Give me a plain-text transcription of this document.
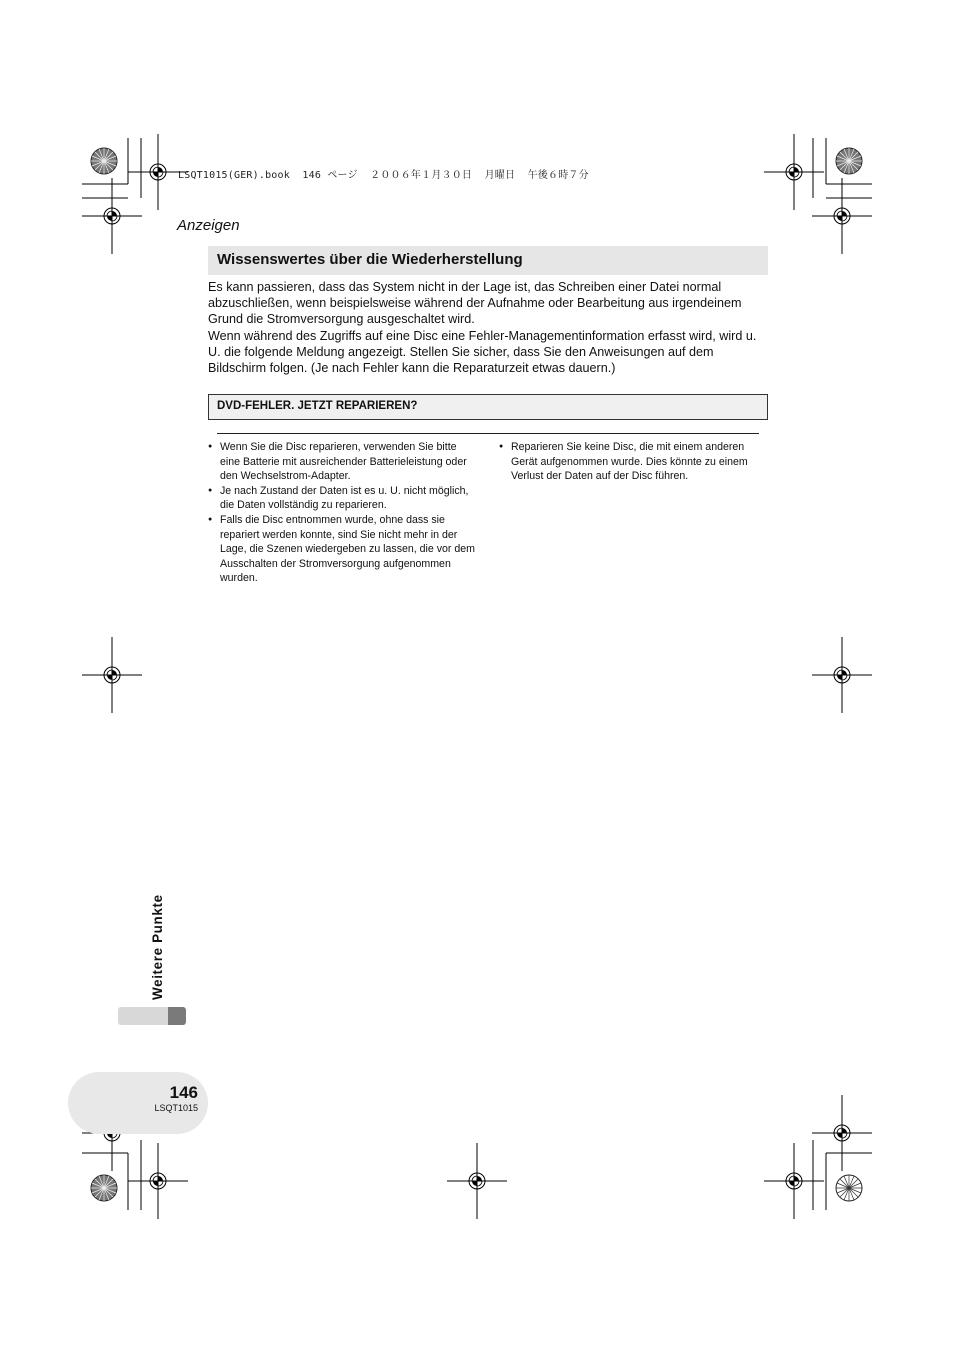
LSQT1015(GER).book  146 ページ  ２００６年１月３０日  月曜日  午後６時７分
Anzeigen
Wissenswertes über die Wiederherstellung

Es kann passieren, dass das System nicht in der Lage ist, das Schreiben einer Datei normal abzuschließen, wenn beispielsweise während der Aufnahme oder Bearbeitung aus irgendeinem Grund die Stromversorgung ausgeschaltet wird.

Wenn während des Zugriffs auf eine Disc eine Fehler-Managementinformation erfasst wird, wird u. U. die folgende Meldung angezeigt. Stellen Sie sicher, dass Sie den Anweisungen auf dem Bildschirm folgen. (Je nach Fehler kann die Reparaturzeit etwas dauern.)

DVD-FEHLER. JETZT REPARIEREN?
● Wenn Sie die Disc reparieren, verwenden Sie bitte eine Batterie mit ausreichender Batterieleistung oder den Wechselstrom-Adapter.
● Je nach Zustand der Daten ist es u. U. nicht möglich, die Daten vollständig zu reparieren.
● Falls die Disc entnommen wurde, ohne dass sie repariert werden konnte, sind Sie nicht mehr in der Lage, die Szenen wiedergeben zu lassen, die vor dem Ausschalten der Stromversorgung aufgenommen wurden.
● Reparieren Sie keine Disc, die mit einem anderen Gerät aufgenommen wurde. Dies könnte zu einem Verlust der Daten auf der Disc führen.
Weitere Punkte
146
LSQT1015
